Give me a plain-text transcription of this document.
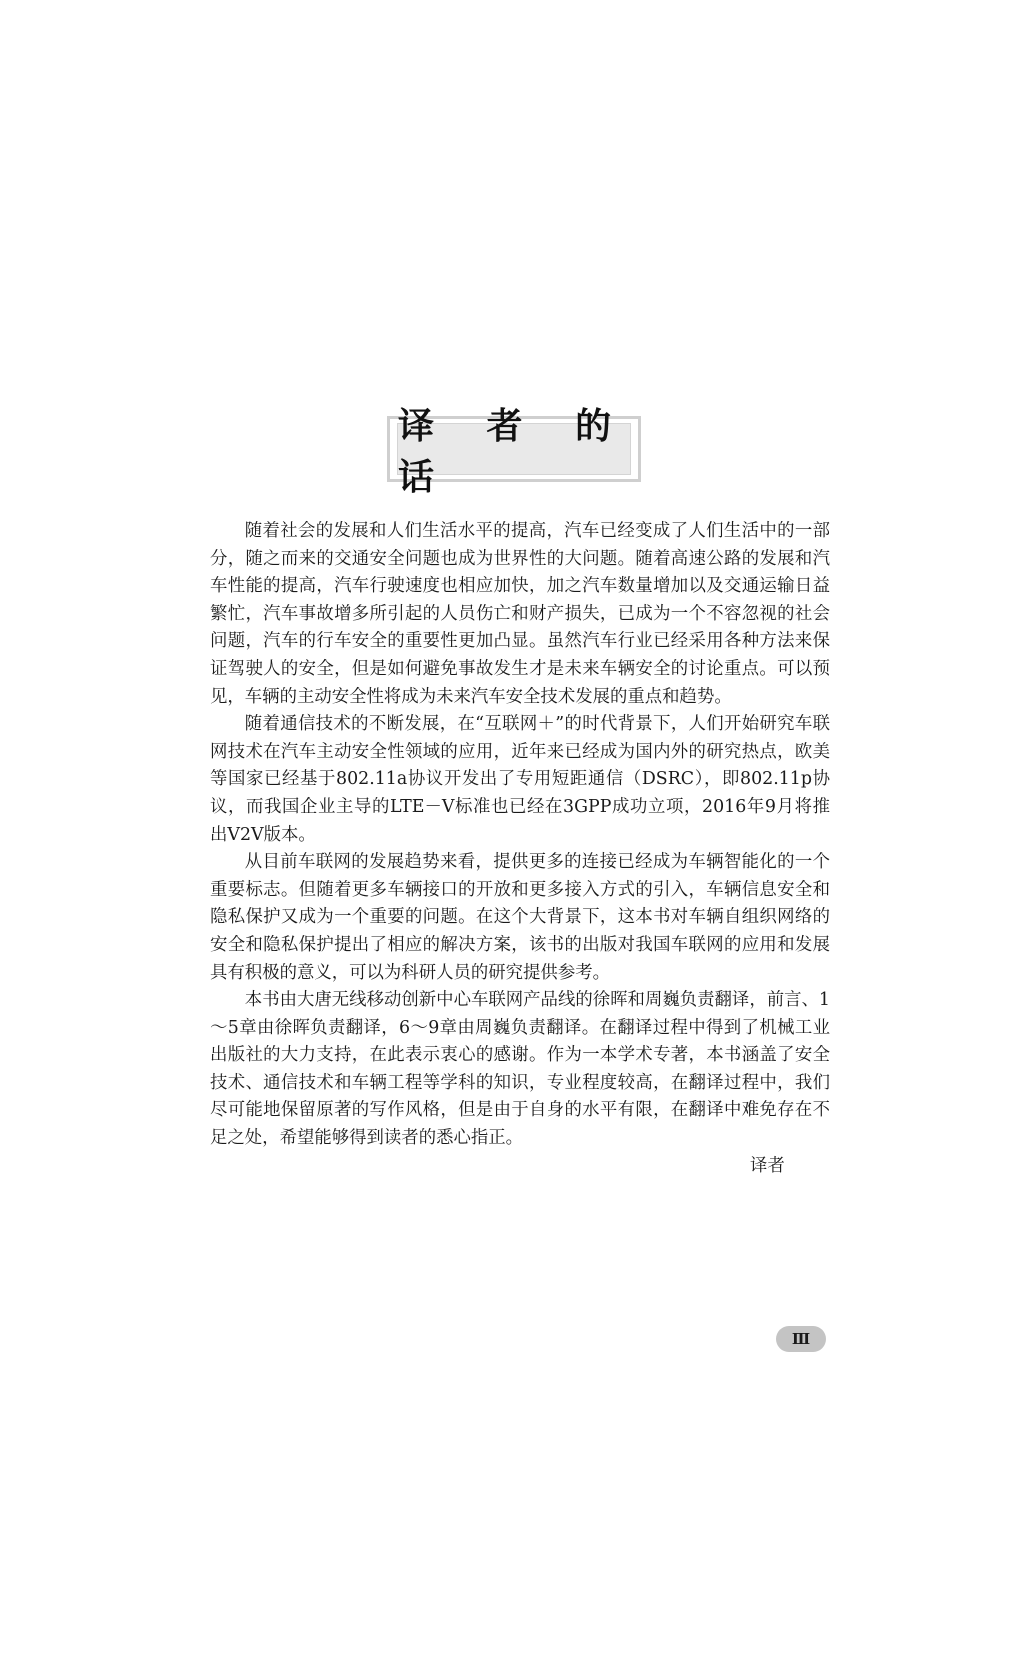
译 者 的 话

随着社会的发展和人们生活水平的提高，汽车已经变成了人们生活中的一部分，随之而来的交通安全问题也成为世界性的大问题。随着高速公路的发展和汽车性能的提高，汽车行驶速度也相应加快，加之汽车数量增加以及交通运输日益繁忙，汽车事故增多所引起的人员伤亡和财产损失，已成为一个不容忽视的社会问题，汽车的行车安全的重要性更加凸显。虽然汽车行业已经采用各种方法来保证驾驶人的安全，但是如何避免事故发生才是未来车辆安全的讨论重点。可以预见，车辆的主动安全性将成为未来汽车安全技术发展的重点和趋势。

随着通信技术的不断发展，在“互联网＋”的时代背景下，人们开始研究车联网技术在汽车主动安全性领域的应用，近年来已经成为国内外的研究热点，欧美等国家已经基于802.11a协议开发出了专用短距通信（DSRC），即802.11p协议，而我国企业主导的LTE－V标准也已经在3GPP成功立项，2016年9月将推出V2V版本。

从目前车联网的发展趋势来看，提供更多的连接已经成为车辆智能化的一个重要标志。但随着更多车辆接口的开放和更多接入方式的引入，车辆信息安全和隐私保护又成为一个重要的问题。在这个大背景下，这本书对车辆自组织网络的安全和隐私保护提出了相应的解决方案，该书的出版对我国车联网的应用和发展具有积极的意义，可以为科研人员的研究提供参考。

本书由大唐无线移动创新中心车联网产品线的徐晖和周巍负责翻译，前言、1～5章由徐晖负责翻译，6～9章由周巍负责翻译。在翻译过程中得到了机械工业出版社的大力支持，在此表示衷心的感谢。作为一本学术专著，本书涵盖了安全技术、通信技术和车辆工程等学科的知识，专业程度较高，在翻译过程中，我们尽可能地保留原著的写作风格，但是由于自身的水平有限，在翻译中难免存在不足之处，希望能够得到读者的悉心指正。

译者
Ⅲ
